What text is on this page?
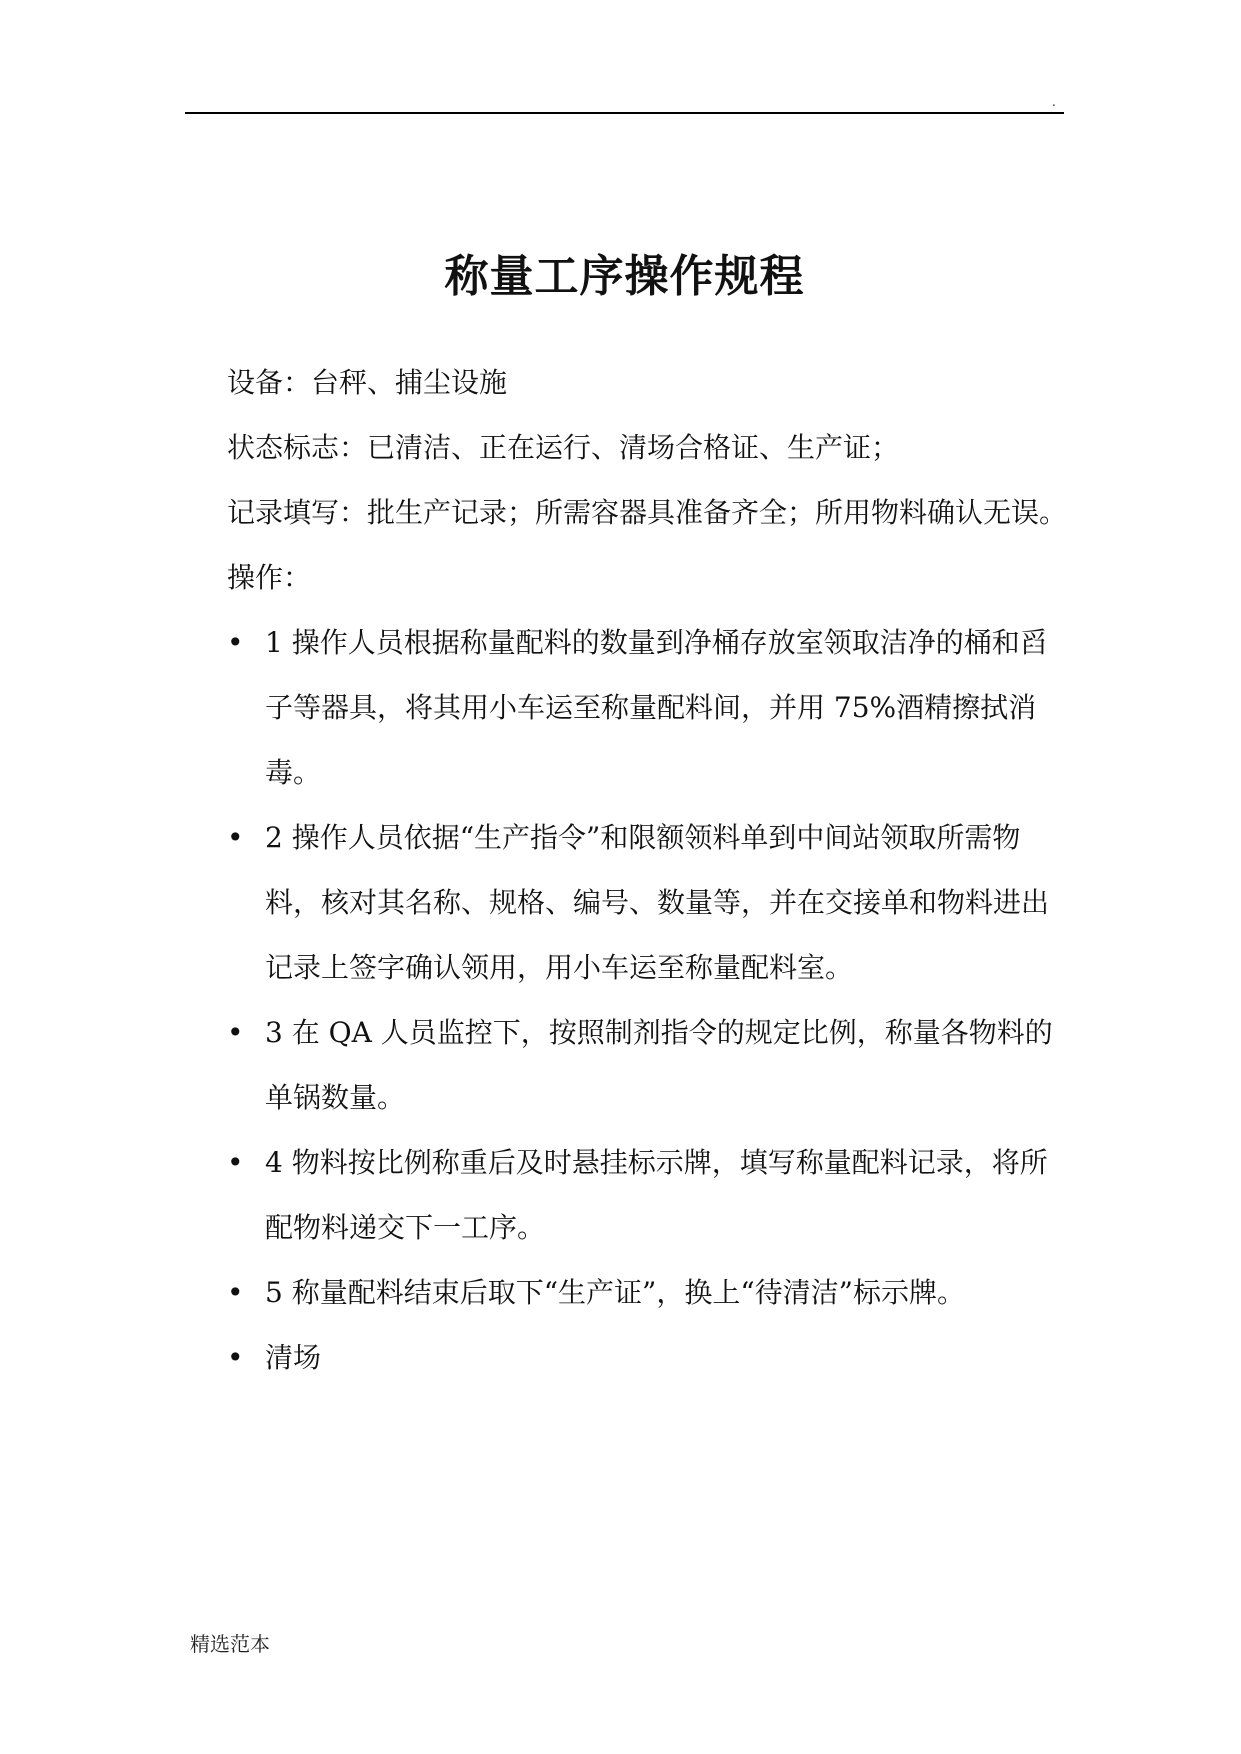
.
称量工序操作规程

设备：台秤、捕尘设施

状态标志：已清洁、正在运行、清场合格证、生产证；

记录填写：批生产记录；所需容器具准备齐全；所用物料确认无误。

操作：

• 1 操作人员根据称量配料的数量到净桶存放室领取洁净的桶和舀子等器具，将其用小车运至称量配料间，并用 75%酒精擦拭消毒。
• 2 操作人员依据“生产指令”和限额领料单到中间站领取所需物料，核对其名称、规格、编号、数量等，并在交接单和物料进出记录上签字确认领用，用小车运至称量配料室。
• 3 在 QA 人员监控下，按照制剂指令的规定比例，称量各物料的单锅数量。
• 4 物料按比例称重后及时悬挂标示牌，填写称量配料记录，将所配物料递交下一工序。
• 5 称量配料结束后取下“生产证”，换上“待清洁”标示牌。
• 清场
精选范本
